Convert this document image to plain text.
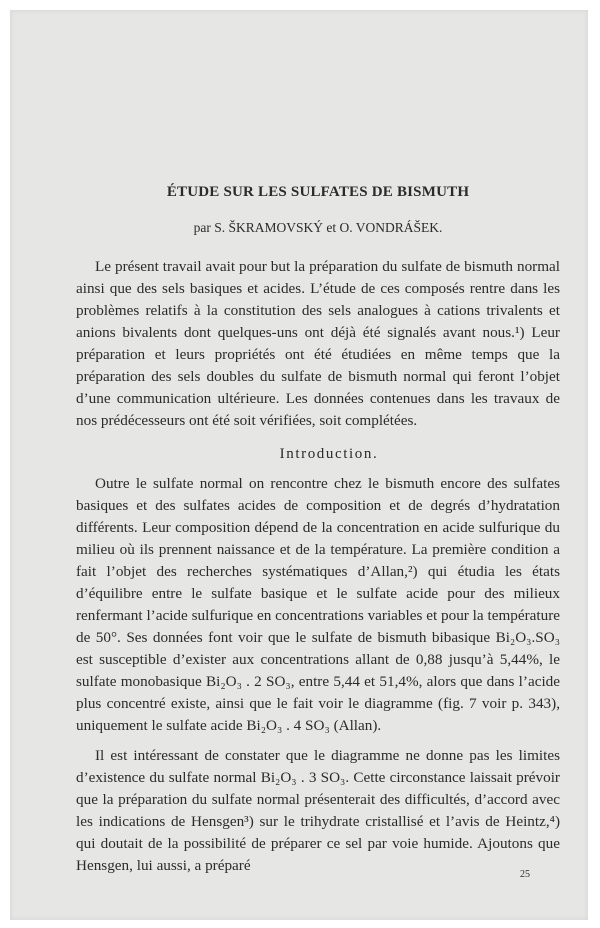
ÉTUDE SUR LES SULFATES DE BISMUTH
par S. ŠKRAMOVSKÝ et O. VONDRÁŠEK.

Le présent travail avait pour but la préparation du sulfate de bismuth normal ainsi que des sels basiques et acides. L’étude de ces composés rentre dans les problèmes relatifs à la constitution des sels analogues à cations trivalents et anions bivalents dont quelques-uns ont déjà été signalés avant nous.¹) Leur préparation et leurs propriétés ont été étudiées en même temps que la préparation des sels doubles du sulfate de bismuth normal qui feront l’objet d’une communication ultérieure. Les données contenues dans les travaux de nos prédécesseurs ont été soit vérifiées, soit complétées.

Introduction.

Outre le sulfate normal on rencontre chez le bismuth encore des sulfates basiques et des sulfates acides de composition et de degrés d’hydratation différents. Leur composition dépend de la concentration en acide sulfurique du milieu où ils prennent naissance et de la température. La première condition a fait l’objet des recherches systématiques d’Allan,²) qui étudia les états d’équilibre entre le sulfate basique et le sulfate acide pour des milieux renfermant l’acide sulfurique en concentrations variables et pour la température de 50°. Ses données font voir que le sulfate de bismuth bibasique Bi₂O₃.SO₃ est susceptible d’exister aux concentrations allant de 0,88 jusqu’à 5,44%, le sulfate monobasique Bi₂O₃ . 2 SO₃, entre 5,44 et 51,4%, alors que dans l’acide plus concentré existe, ainsi que le fait voir le diagramme (fig. 7 voir p. 343), uniquement le sulfate acide Bi₂O₃ . 4 SO₃ (Allan).

Il est intéressant de constater que le diagramme ne donne pas les limites d’existence du sulfate normal Bi₂O₃ . 3 SO₃. Cette circonstance laissait prévoir que la préparation du sulfate normal présenterait des difficultés, d’accord avec les indications de Hensgen³) sur le trihydrate cristallisé et l’avis de Heintz,⁴) qui doutait de la possibilité de préparer ce sel par voie humide. Ajoutons que Hensgen, lui aussi, a préparé

25
